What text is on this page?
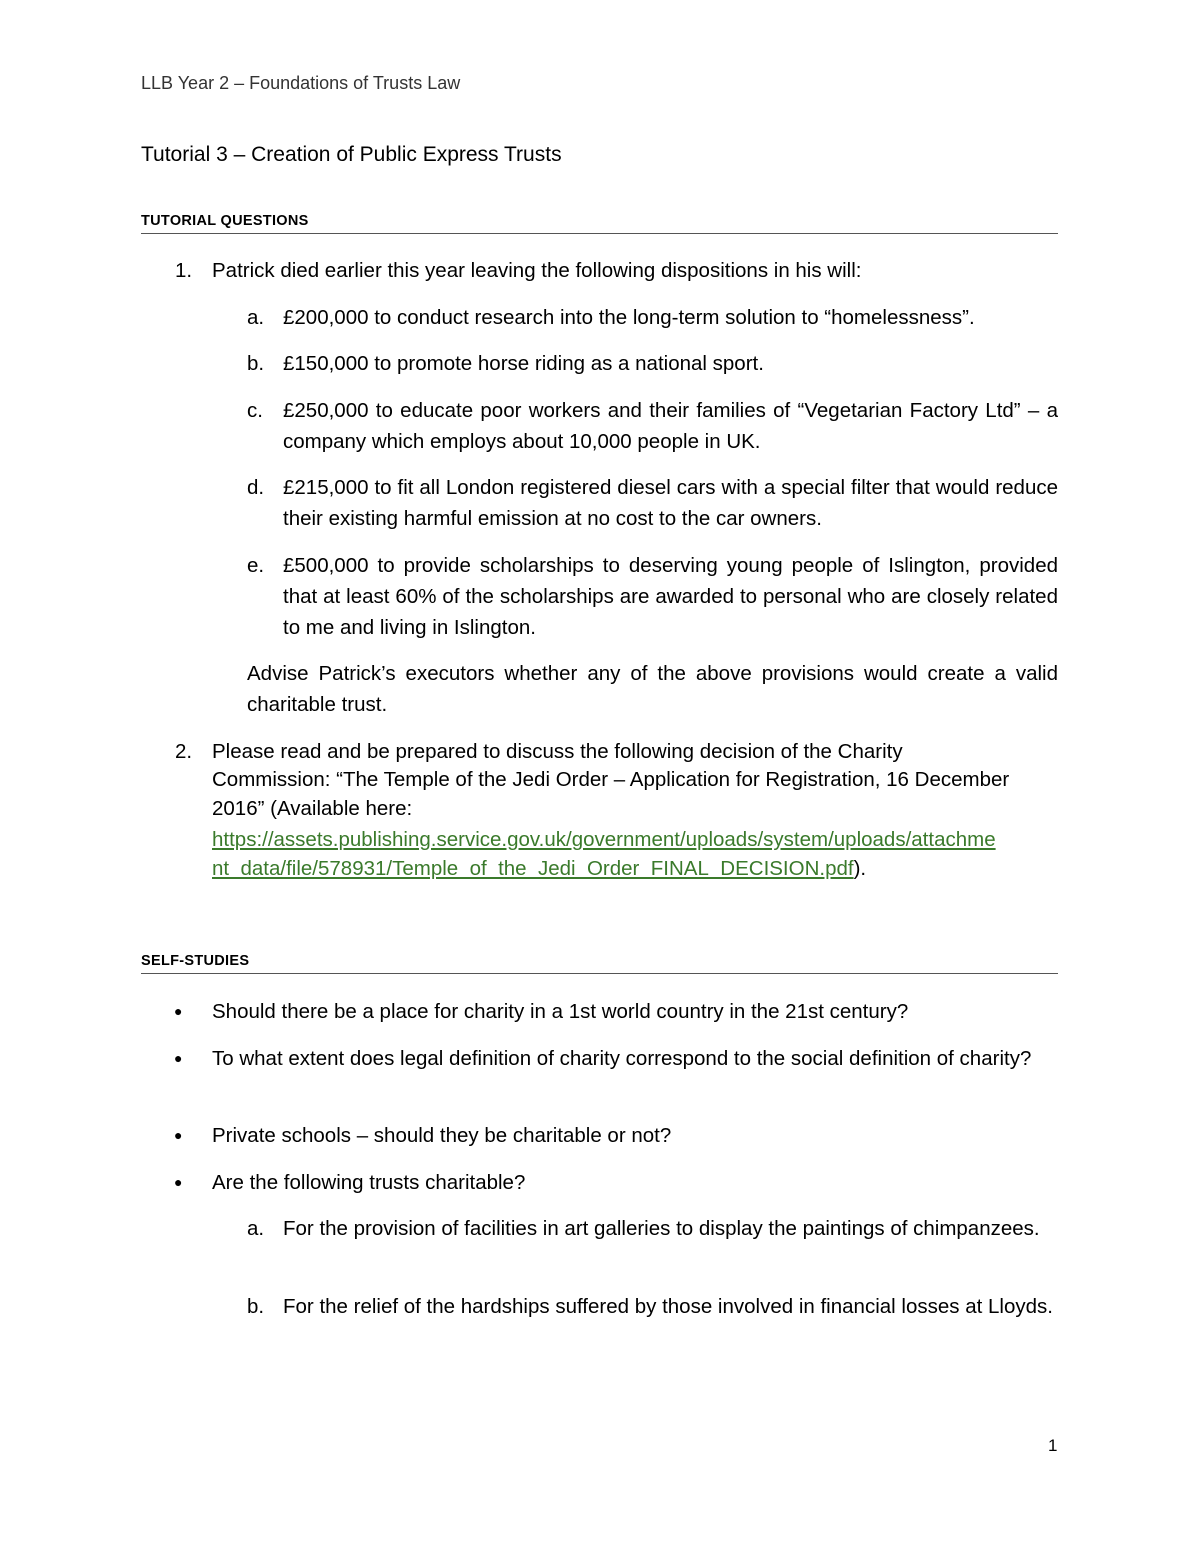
LLB Year 2 – Foundations of Trusts Law
Tutorial 3 – Creation of Public Express Trusts
TUTORIAL QUESTIONS
1. Patrick died earlier this year leaving the following dispositions in his will:
a. £200,000 to conduct research into the long-term solution to “homelessness”.
b. £150,000 to promote horse riding as a national sport.
c. £250,000 to educate poor workers and their families of “Vegetarian Factory Ltd” – a company which employs about 10,000 people in UK.
d. £215,000 to fit all London registered diesel cars with a special filter that would reduce their existing harmful emission at no cost to the car owners.
e. £500,000 to provide scholarships to deserving young people of Islington, provided that at least 60% of the scholarships are awarded to personal who are closely related to me and living in Islington.
Advise Patrick’s executors whether any of the above provisions would create a valid charitable trust.
2. Please read and be prepared to discuss the following decision of the Charity
Commission: “The Temple of the Jedi Order – Application for Registration, 16 December
2016” (Available here:
https://assets.publishing.service.gov.uk/government/uploads/system/uploads/attachme
nt_data/file/578931/Temple_of_the_Jedi_Order_FINAL_DECISION.pdf).
SELF-STUDIES
● Should there be a place for charity in a 1st world country in the 21st century?
● To what extent does legal definition of charity correspond to the social definition of charity?
● Private schools – should they be charitable or not?
● Are the following trusts charitable?
a. For the provision of facilities in art galleries to display the paintings of chimpanzees.
b. For the relief of the hardships suffered by those involved in financial losses at Lloyds.
1
